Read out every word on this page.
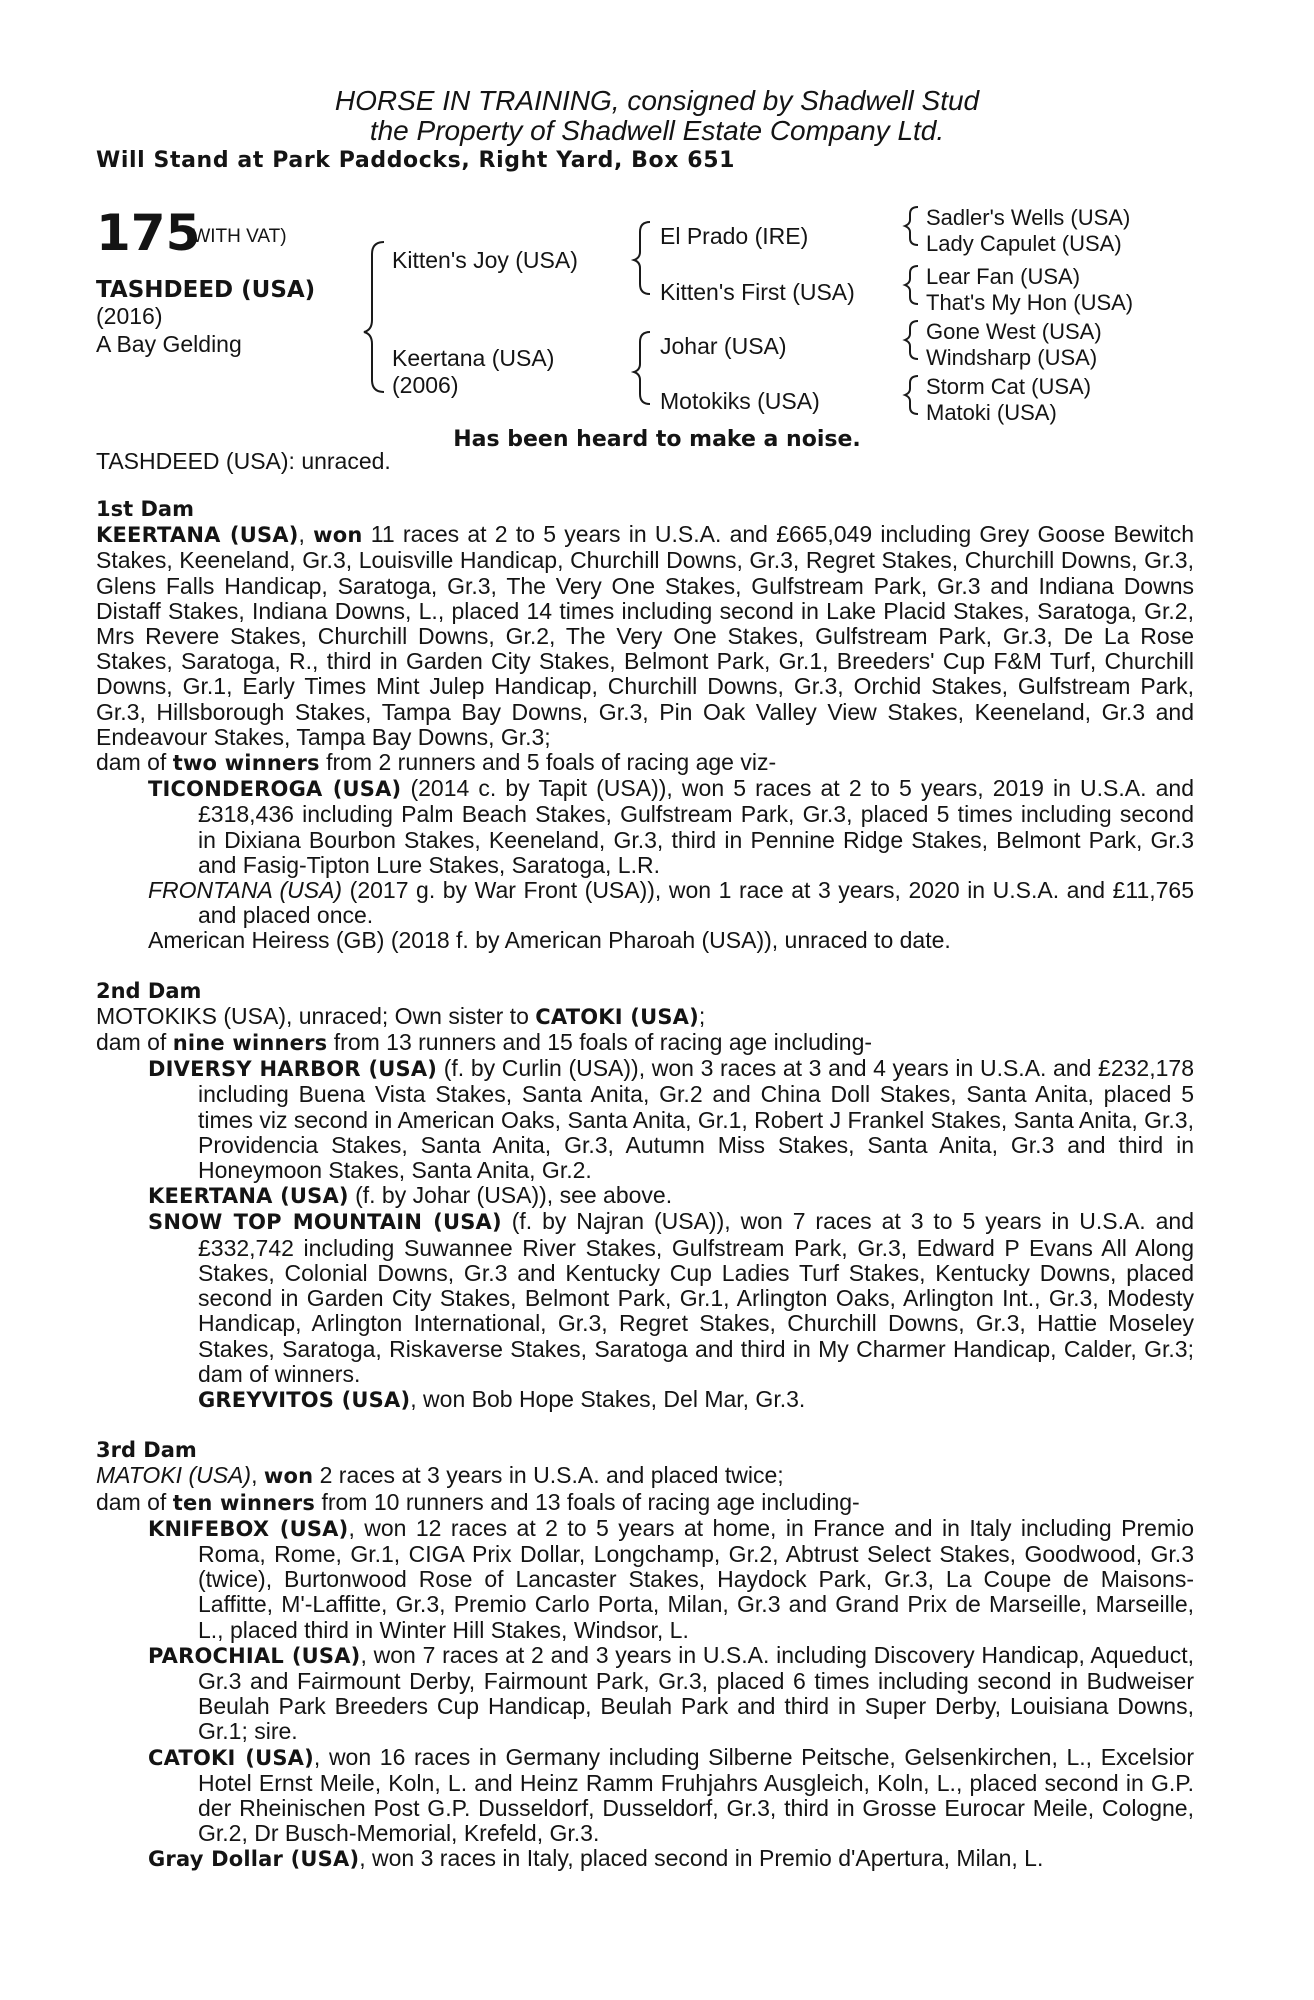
HORSE IN TRAINING, consigned by Shadwell Stud
the Property of Shadwell Estate Company Ltd.
Will Stand at Park Paddocks, Right Yard, Box 651
175
(WITH VAT)
TASHDEED (USA)
(2016)
A Bay Gelding
Kitten's Joy (USA)
Keertana (USA)
(2006)
El Prado (IRE)
Kitten's First (USA)
Johar (USA)
Motokiks (USA)
Sadler's Wells (USA)
Lady Capulet (USA)
Lear Fan (USA)
That's My Hon (USA)
Gone West (USA)
Windsharp (USA)
Storm Cat (USA)
Matoki (USA)
Has been heard to make a noise.
TASHDEED (USA): unraced.
1st Dam
KEERTANA (USA), won 11 races at 2 to 5 years in U.S.A. and £665,049 including Grey Goose Bewitch Stakes, Keeneland, Gr.3, Louisville Handicap, Churchill Downs, Gr.3, Regret Stakes, Churchill Downs, Gr.3, Glens Falls Handicap, Saratoga, Gr.3, The Very One Stakes, Gulfstream Park, Gr.3 and Indiana Downs Distaff Stakes, Indiana Downs, L., placed 14 times including second in Lake Placid Stakes, Saratoga, Gr.2, Mrs Revere Stakes, Churchill Downs, Gr.2, The Very One Stakes, Gulfstream Park, Gr.3, De La Rose Stakes, Saratoga, R., third in Garden City Stakes, Belmont Park, Gr.1, Breeders' Cup F&M Turf, Churchill Downs, Gr.1, Early Times Mint Julep Handicap, Churchill Downs, Gr.3, Orchid Stakes, Gulfstream Park, Gr.3, Hillsborough Stakes, Tampa Bay Downs, Gr.3, Pin Oak Valley View Stakes, Keeneland, Gr.3 and Endeavour Stakes, Tampa Bay Downs, Gr.3;
dam of two winners from 2 runners and 5 foals of racing age viz-
TICONDEROGA (USA) (2014 c. by Tapit (USA)), won 5 races at 2 to 5 years, 2019 in U.S.A. and £318,436 including Palm Beach Stakes, Gulfstream Park, Gr.3, placed 5 times including second in Dixiana Bourbon Stakes, Keeneland, Gr.3, third in Pennine Ridge Stakes, Belmont Park, Gr.3 and Fasig-Tipton Lure Stakes, Saratoga, L.R.
FRONTANA (USA) (2017 g. by War Front (USA)), won 1 race at 3 years, 2020 in U.S.A. and £11,765 and placed once.
American Heiress (GB) (2018 f. by American Pharoah (USA)), unraced to date.
2nd Dam
MOTOKIKS (USA), unraced; Own sister to CATOKI (USA);
dam of nine winners from 13 runners and 15 foals of racing age including-
DIVERSY HARBOR (USA) (f. by Curlin (USA)), won 3 races at 3 and 4 years in U.S.A. and £232,178 including Buena Vista Stakes, Santa Anita, Gr.2 and China Doll Stakes, Santa Anita, placed 5 times viz second in American Oaks, Santa Anita, Gr.1, Robert J Frankel Stakes, Santa Anita, Gr.3, Providencia Stakes, Santa Anita, Gr.3, Autumn Miss Stakes, Santa Anita, Gr.3 and third in Honeymoon Stakes, Santa Anita, Gr.2.
KEERTANA (USA) (f. by Johar (USA)), see above.
SNOW TOP MOUNTAIN (USA) (f. by Najran (USA)), won 7 races at 3 to 5 years in U.S.A. and £332,742 including Suwannee River Stakes, Gulfstream Park, Gr.3, Edward P Evans All Along Stakes, Colonial Downs, Gr.3 and Kentucky Cup Ladies Turf Stakes, Kentucky Downs, placed second in Garden City Stakes, Belmont Park, Gr.1, Arlington Oaks, Arlington Int., Gr.3, Modesty Handicap, Arlington International, Gr.3, Regret Stakes, Churchill Downs, Gr.3, Hattie Moseley Stakes, Saratoga, Riskaverse Stakes, Saratoga and third in My Charmer Handicap, Calder, Gr.3; dam of winners.
GREYVITOS (USA), won Bob Hope Stakes, Del Mar, Gr.3.
3rd Dam
MATOKI (USA), won 2 races at 3 years in U.S.A. and placed twice;
dam of ten winners from 10 runners and 13 foals of racing age including-
KNIFEBOX (USA), won 12 races at 2 to 5 years at home, in France and in Italy including Premio Roma, Rome, Gr.1, CIGA Prix Dollar, Longchamp, Gr.2, Abtrust Select Stakes, Goodwood, Gr.3 (twice), Burtonwood Rose of Lancaster Stakes, Haydock Park, Gr.3, La Coupe de Maisons-Laffitte, M'-Laffitte, Gr.3, Premio Carlo Porta, Milan, Gr.3 and Grand Prix de Marseille, Marseille, L., placed third in Winter Hill Stakes, Windsor, L.
PAROCHIAL (USA), won 7 races at 2 and 3 years in U.S.A. including Discovery Handicap, Aqueduct, Gr.3 and Fairmount Derby, Fairmount Park, Gr.3, placed 6 times including second in Budweiser Beulah Park Breeders Cup Handicap, Beulah Park and third in Super Derby, Louisiana Downs, Gr.1; sire.
CATOKI (USA), won 16 races in Germany including Silberne Peitsche, Gelsenkirchen, L., Excelsior Hotel Ernst Meile, Koln, L. and Heinz Ramm Fruhjahrs Ausgleich, Koln, L., placed second in G.P. der Rheinischen Post G.P. Dusseldorf, Dusseldorf, Gr.3, third in Grosse Eurocar Meile, Cologne, Gr.2, Dr Busch-Memorial, Krefeld, Gr.3.
Gray Dollar (USA), won 3 races in Italy, placed second in Premio d'Apertura, Milan, L.
